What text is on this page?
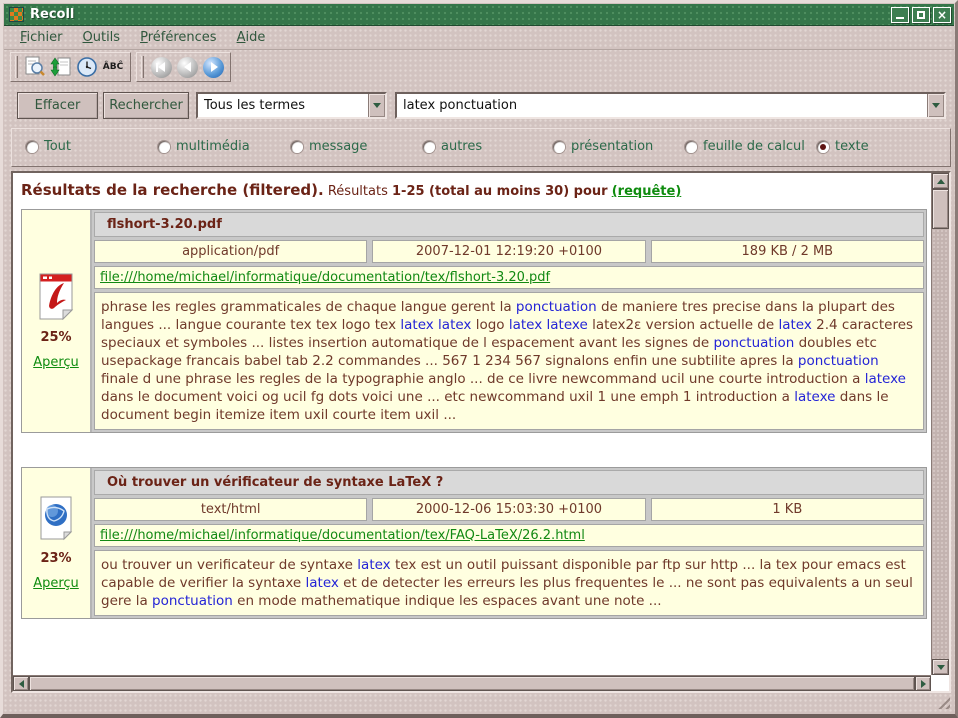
Recoll	×
Fichier	Outils	Préférences	Aide
ÂBĈ
Effacer	Rechercher	Tous les termes	latex ponctuation
Tout	multimédia	message	autres	présentation	feuille de calcul texte
Résultats de la recherche (filtered). Résultats 1-25 (total au moins 30) pour (requête)
25%
Aperçu
flshort-3.20.pdf
application/pdf	2007-12-01 12:19:20 +0100	189 KB / 2 MB
file:///home/michael/informatique/documentation/tex/flshort-3.20.pdf
phrase les regles grammaticales de chaque langue gerent la ponctuation de maniere tres precise dans la plupart des langues ... langue courante tex tex logo tex latex latex logo latex latexe latex2ε version actuelle de latex 2.4 caracteres speciaux et symboles ... listes insertion automatique de l espacement avant les signes de ponctuation doubles etc usepackage francais babel tab 2.2 commandes ... 567 1 234 567 signalons enfin une subtilite apres la ponctuation finale d une phrase les regles de la typographie anglo ... de ce livre newcommand ucil une courte introduction a latexe dans le document voici og ucil fg dots voici une ... etc newcommand uxil 1 une emph 1 introduction a latexe dans le document begin itemize item uxil courte item uxil ...
23%
Aperçu
Où trouver un vérificateur de syntaxe LaTeX ?
text/html	2000-12-06 15:03:30 +0100	1 KB
file:///home/michael/informatique/documentation/tex/FAQ-LaTeX/26.2.html
ou trouver un verificateur de syntaxe latex tex est un outil puissant disponible par ftp sur http ... la tex pour emacs est capable de verifier la syntaxe latex et de detecter les erreurs les plus frequentes le ... ne sont pas equivalents a un seul gere la ponctuation en mode mathematique indique les espaces avant une note ...
